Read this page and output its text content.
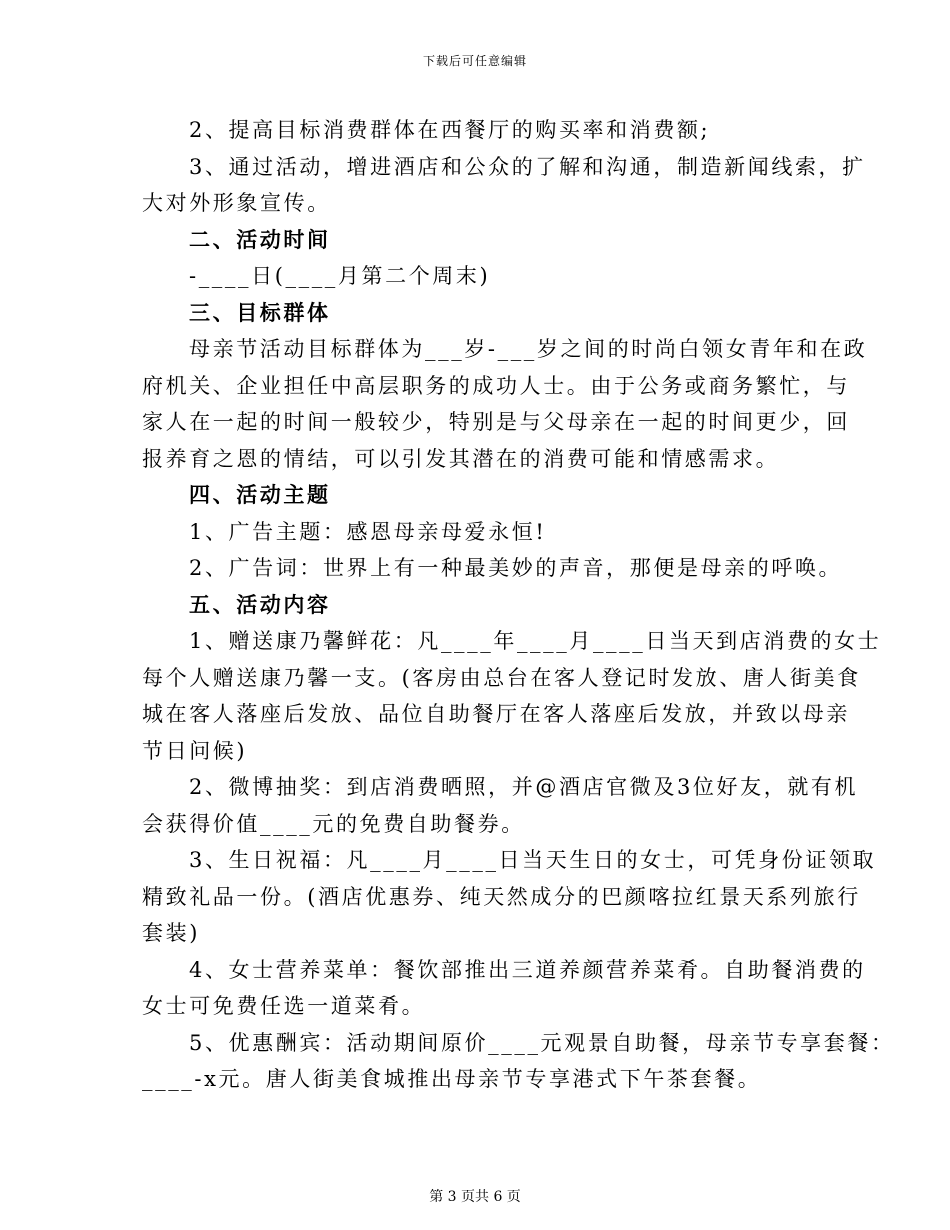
下载后可任意编辑
2、提高目标消费群体在西餐厅的购买率和消费额;
3、通过活动，增进酒店和公众的了解和沟通，制造新闻线索，扩
大对外形象宣传。
二、活动时间
-____日(____月第二个周末)
三、目标群体
母亲节活动目标群体为___岁-___岁之间的时尚白领女青年和在政
府机关、企业担任中高层职务的成功人士。由于公务或商务繁忙，与
家人在一起的时间一般较少，特别是与父母亲在一起的时间更少，回
报养育之恩的情结，可以引发其潜在的消费可能和情感需求。
四、活动主题
1、广告主题：感恩母亲母爱永恒!
2、广告词：世界上有一种最美妙的声音，那便是母亲的呼唤。
五、活动内容
1、赠送康乃馨鲜花：凡____年____月____日当天到店消费的女士
每个人赠送康乃馨一支。(客房由总台在客人登记时发放、唐人街美食
城在客人落座后发放、品位自助餐厅在客人落座后发放，并致以母亲
节日问候)
2、微博抽奖：到店消费晒照，并@酒店官微及3位好友，就有机
会获得价值____元的免费自助餐券。
3、生日祝福：凡____月____日当天生日的女士，可凭身份证领取
精致礼品一份。(酒店优惠券、纯天然成分的巴颜喀拉红景天系列旅行
套装)
4、女士营养菜单：餐饮部推出三道养颜营养菜肴。自助餐消费的
女士可免费任选一道菜肴。
5、优惠酬宾：活动期间原价____元观景自助餐，母亲节专享套餐：
____-x元。唐人街美食城推出母亲节专享港式下午茶套餐。
第 3 页共 6 页
